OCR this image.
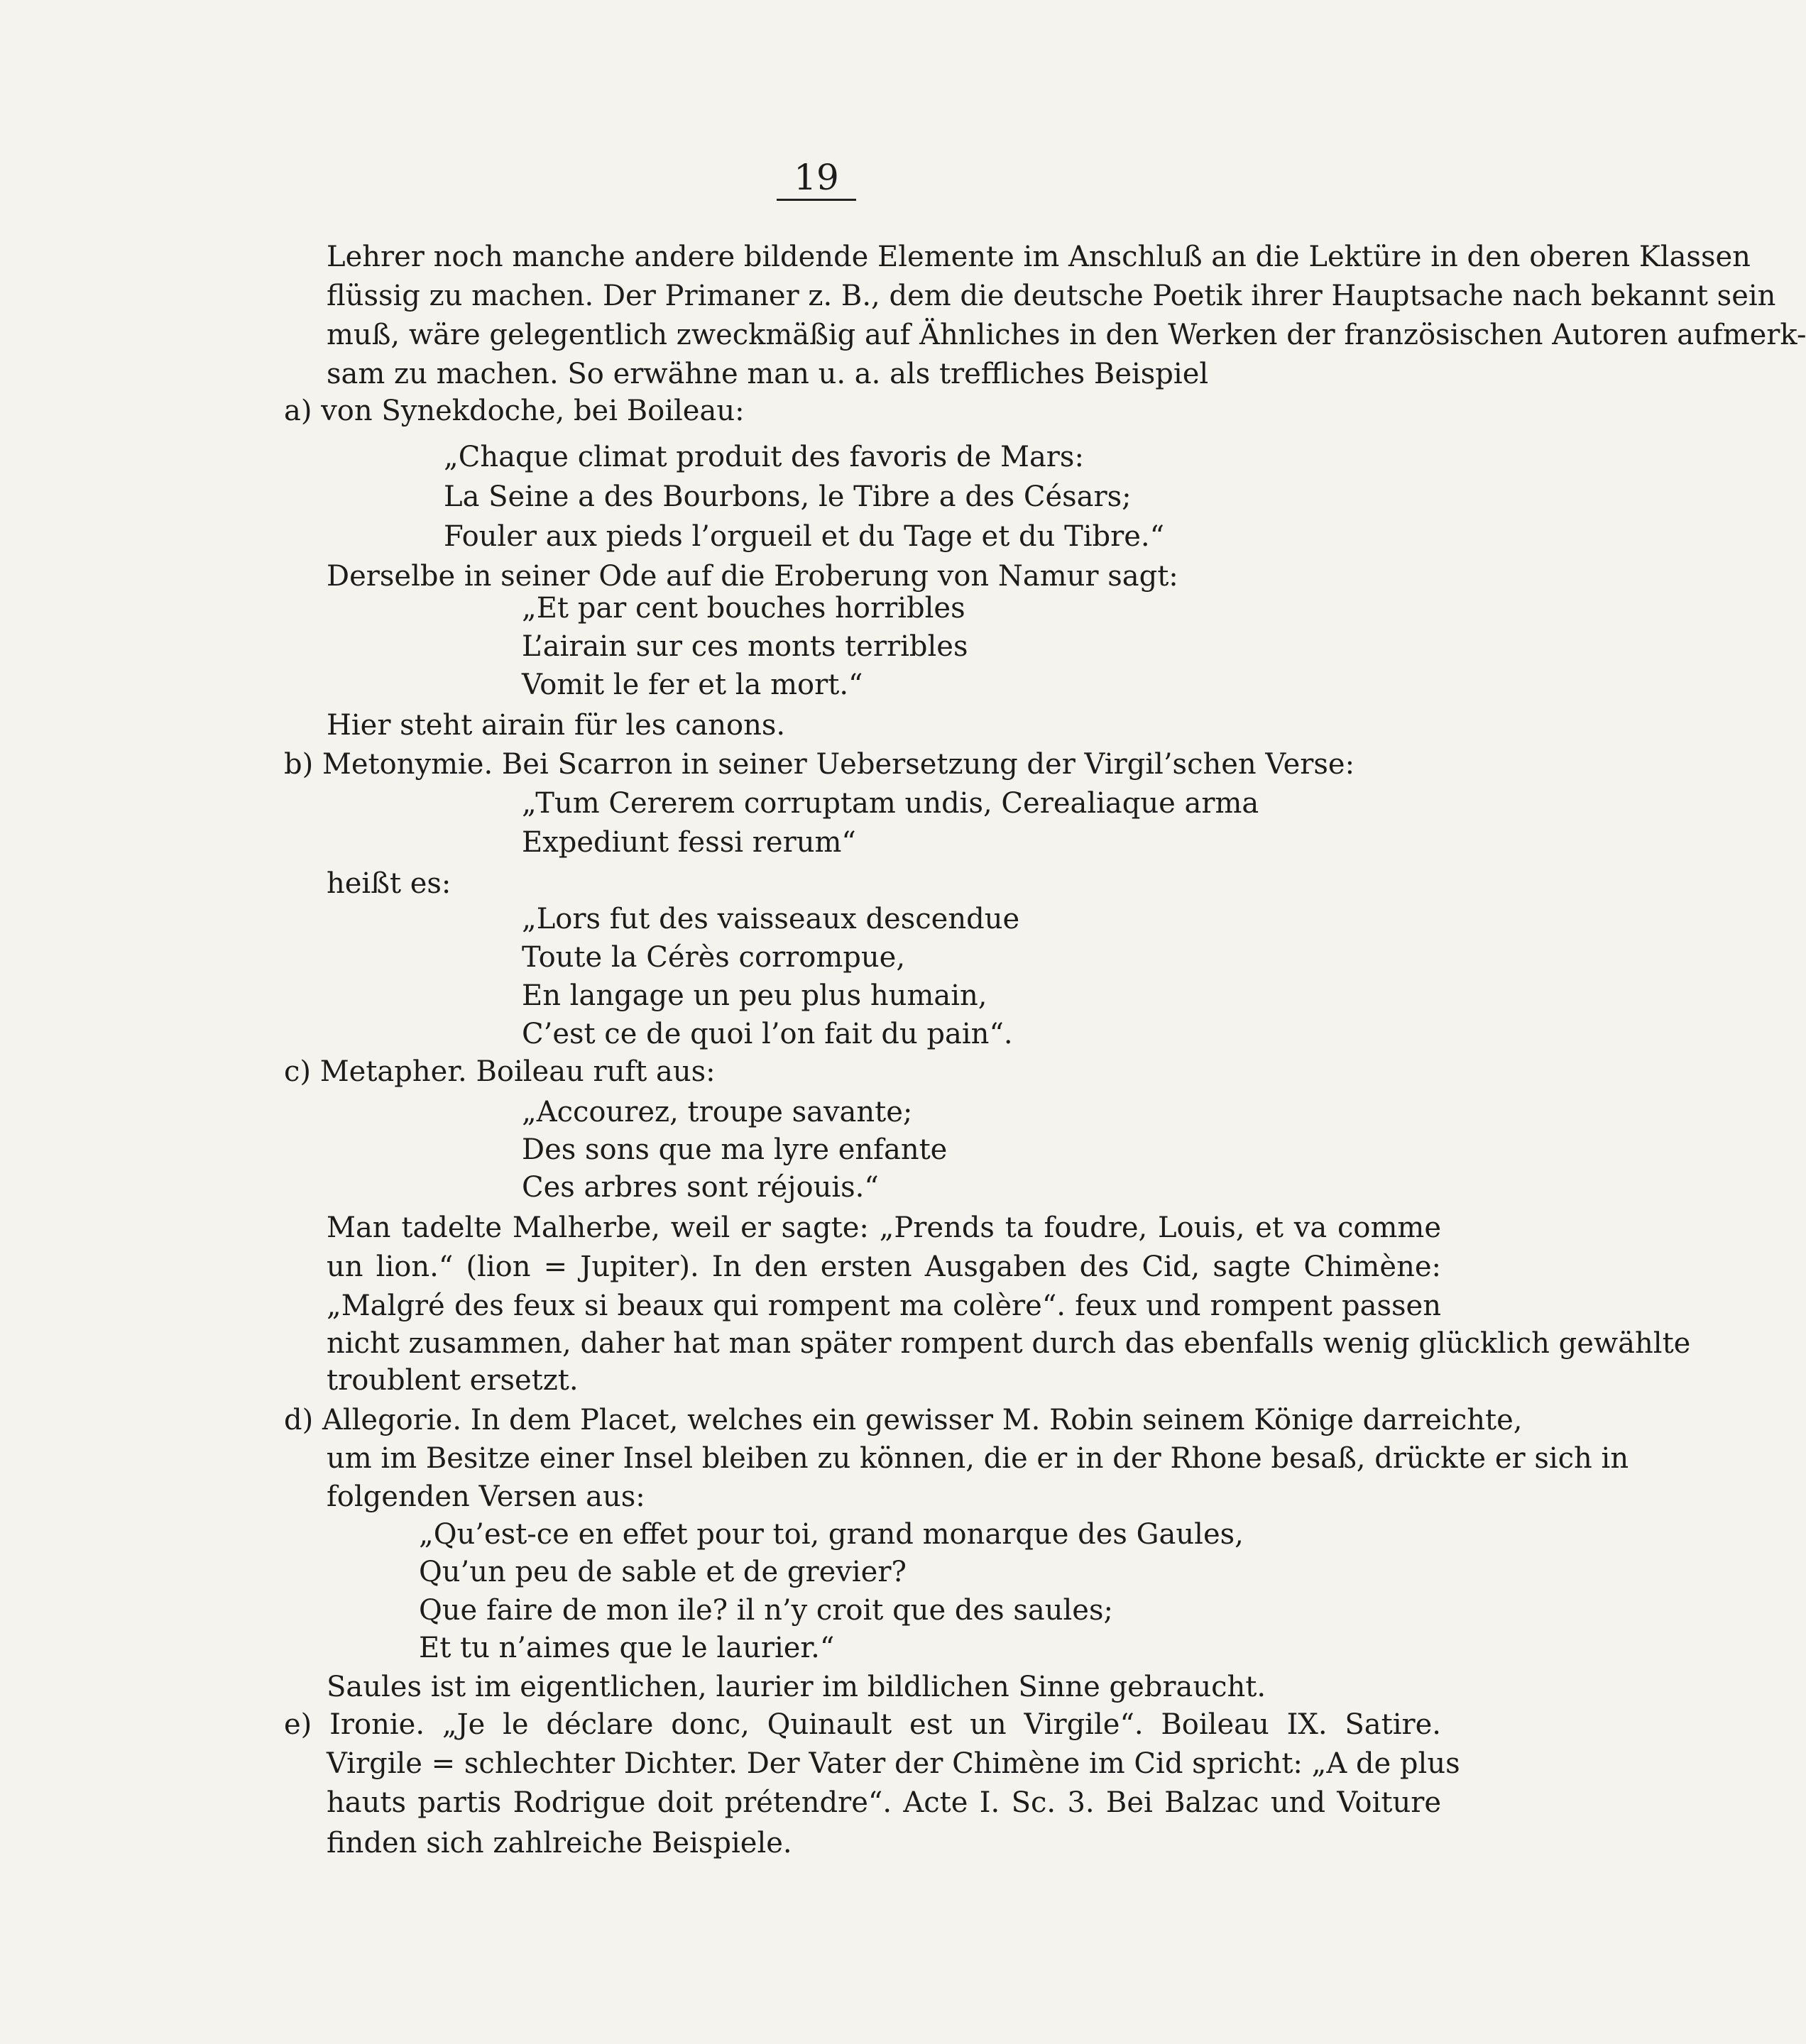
19
Lehrer noch manche andere bildende Elemente im Anschluß an die Lektüre in den oberen Klassen
flüssig zu machen. Der Primaner z. B., dem die deutsche Poetik ihrer Hauptsache nach bekannt sein
muß, wäre gelegentlich zweckmäßig auf Ähnliches in den Werken der französischen Autoren aufmerk-
sam zu machen. So erwähne man u. a. als treffliches Beispiel
a) von Synekdoche, bei Boileau:
„Chaque climat produit des favoris de Mars:
La Seine a des Bourbons, le Tibre a des Césars;
Fouler aux pieds l’orgueil et du Tage et du Tibre.“
Derselbe in seiner Ode auf die Eroberung von Namur sagt:
„Et par cent bouches horribles
L’airain sur ces monts terribles
Vomit le fer et la mort.“
Hier steht airain für les canons.
b) Metonymie. Bei Scarron in seiner Uebersetzung der Virgil’schen Verse:
„Tum Cererem corruptam undis, Cerealiaque arma
Expediunt fessi rerum“
heißt es:
„Lors fut des vaisseaux descendue
Toute la Cérès corrompue,
En langage un peu plus humain,
C’est ce de quoi l’on fait du pain“.
c) Metapher. Boileau ruft aus:
„Accourez, troupe savante;
Des sons que ma lyre enfante
Ces arbres sont réjouis.“
Man tadelte Malherbe, weil er sagte: „Prends ta foudre, Louis, et va comme
un lion.“ (lion = Jupiter). In den ersten Ausgaben des Cid, sagte Chimène:
„Malgré des feux si beaux qui rompent ma colère“. feux und rompent passen
nicht zusammen, daher hat man später rompent durch das ebenfalls wenig glücklich gewählte
troublent ersetzt.
d) Allegorie. In dem Placet, welches ein gewisser M. Robin seinem Könige darreichte,
um im Besitze einer Insel bleiben zu können, die er in der Rhone besaß, drückte er sich in
folgenden Versen aus:
„Qu’est-ce en effet pour toi, grand monarque des Gaules,
Qu’un peu de sable et de grevier?
Que faire de mon ile? il n’y croit que des saules;
Et tu n’aimes que le laurier.“
Saules ist im eigentlichen, laurier im bildlichen Sinne gebraucht.
e) Ironie. „Je le déclare donc, Quinault est un Virgile“. Boileau IX. Satire.
Virgile = schlechter Dichter. Der Vater der Chimène im Cid spricht: „A de plus
hauts partis Rodrigue doit prétendre“. Acte I. Sc. 3. Bei Balzac und Voiture
finden sich zahlreiche Beispiele.
